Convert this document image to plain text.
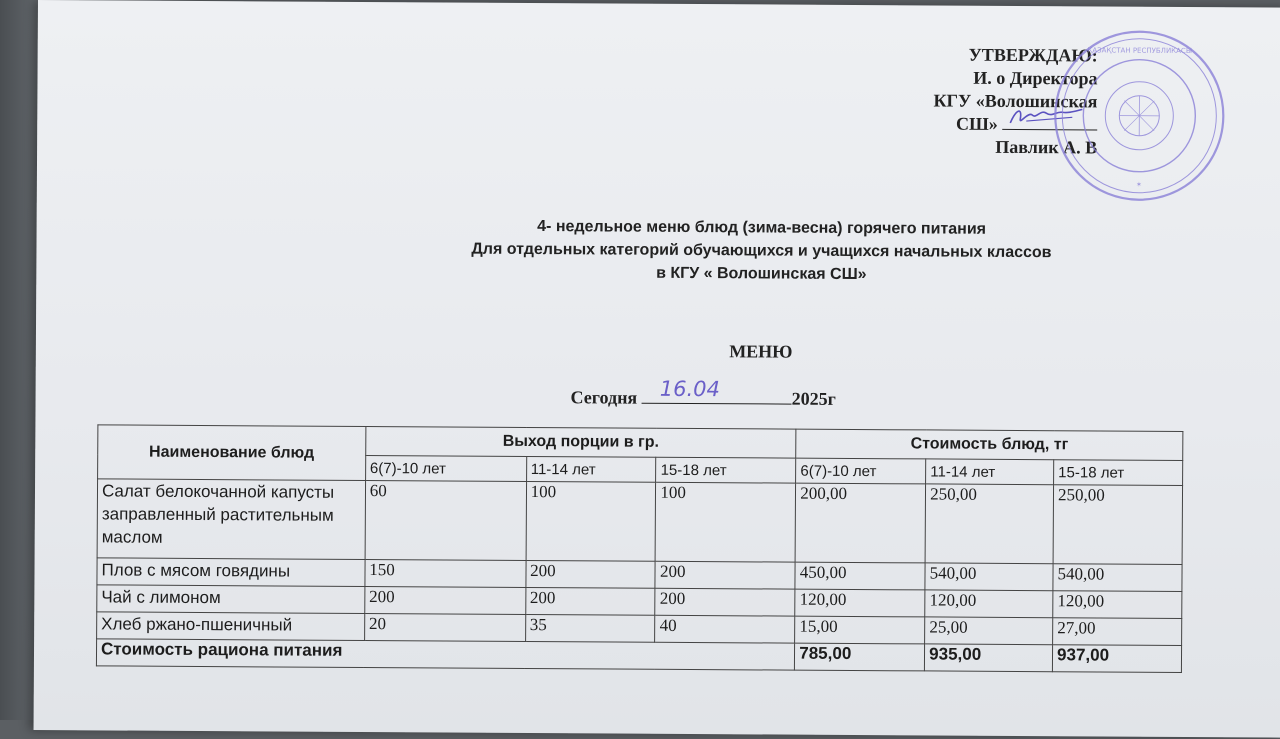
УТВЕРЖДАЮ:
И. о Директора
КГУ «Волошинская
СШ»
Павлик А. В
ҚАЗАҚСТАН РЕСПУБЛИКАСЫ
✶
4- недельное меню блюд (зима-весна) горячего питания
Для отдельных категорий обучающихся и учащихся начальных классов
в КГУ « Волошинская СШ»
МЕНЮ
Сегодня 16.04	2025г
Наименование блюд	Выход порции в гр.			Стоимость блюд, тг		
	6(7)-10 лет	11-14 лет	15-18 лет	6(7)-10 лет	11-14 лет	15-18 лет
Салат белокочанной капусты заправленный растительным маслом	60	100	100	200,00	250,00	250,00
Плов с мясом говядины	150	200	200	450,00	540,00	540,00
Чай с лимоном	200	200	200	120,00	120,00	120,00
Хлеб ржано-пшеничный	20	35	40	15,00	25,00	27,00
Стоимость рациона питания				785,00	935,00	937,00
